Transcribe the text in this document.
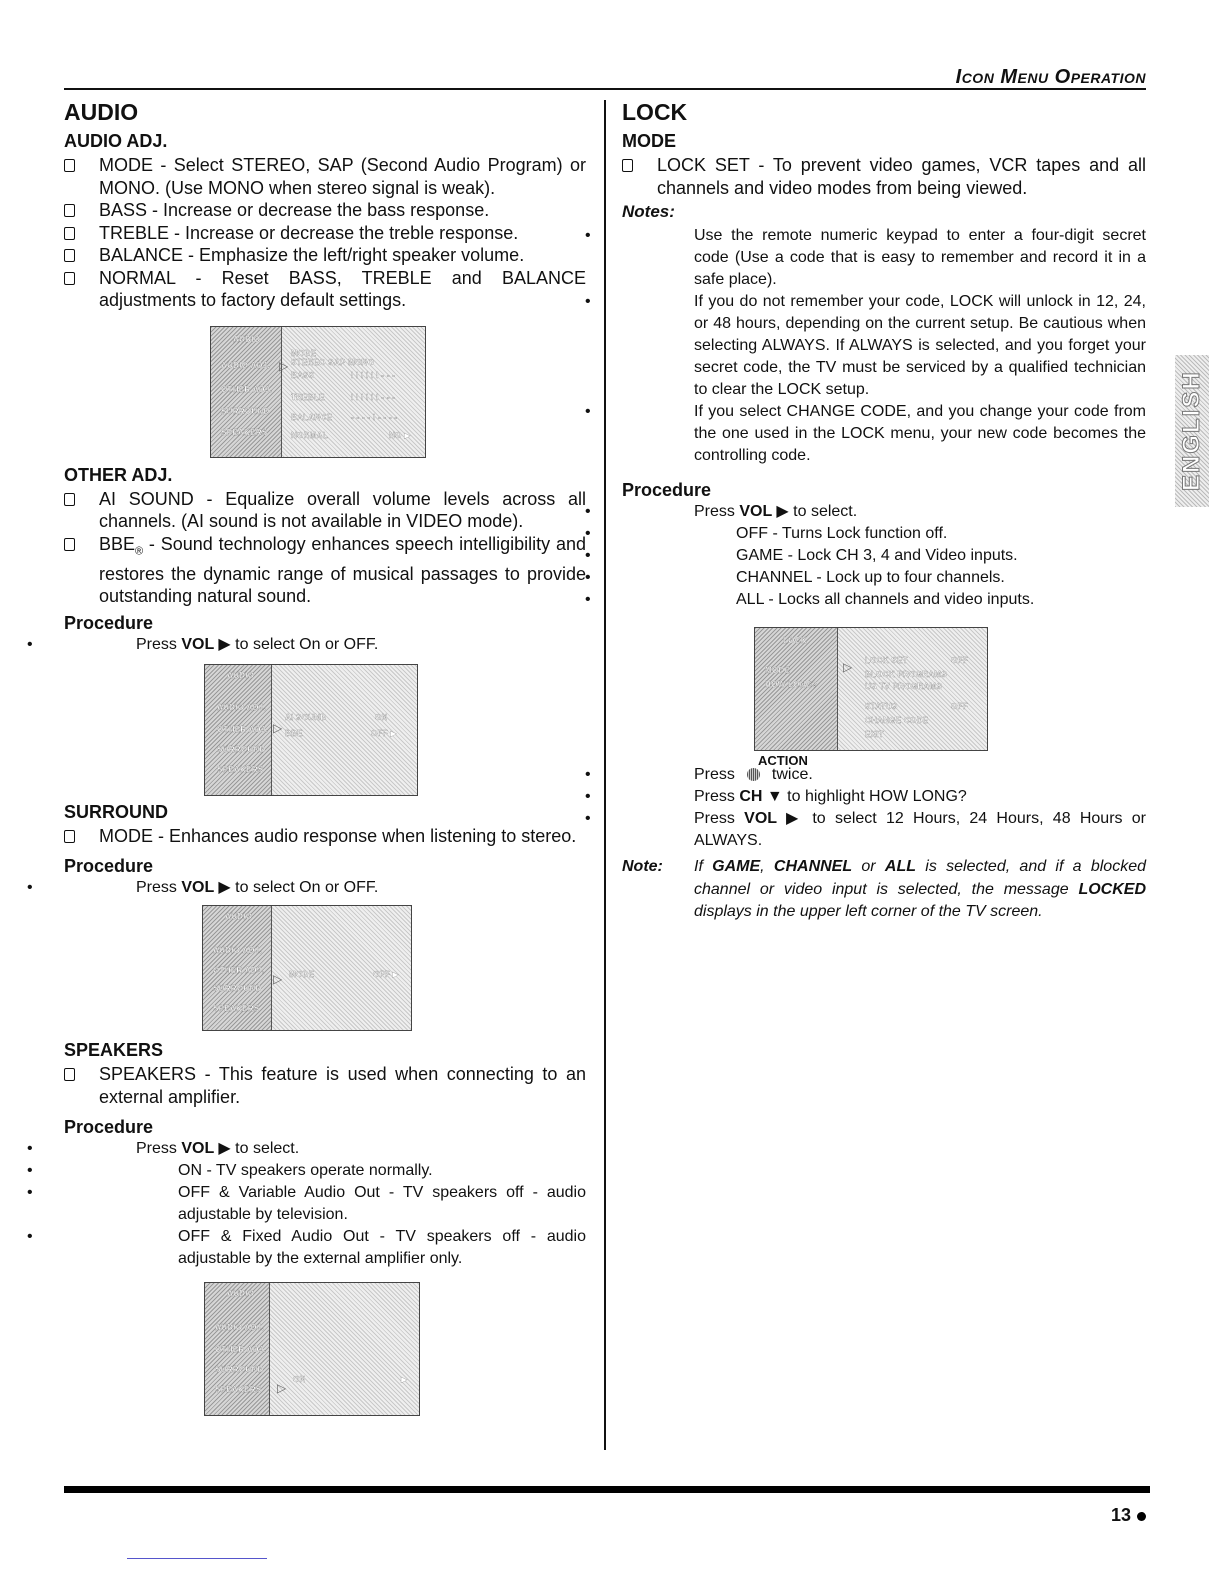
Icon Menu Operation
ENGLISH
AUDIO
AUDIO ADJ.
MODE - Select STEREO, SAP (Second Audio Program) or MONO. (Use MONO when stereo signal is weak).
BASS - Increase or decrease the bass response.
TREBLE - Increase or decrease the treble response.
BALANCE - Emphasize the left/right speaker volume.
NORMAL - Reset BASS, TREBLE and BALANCE adjustments to factory default settings.
AUDIO
AUDIO ADJ.
OTHER ADJ.
SURROUND
SPEAKERS
▷
MODE
STEREO SAP MONO
BASS
TREBLE
BALANCE
NORMAL
I I I I I I - - -
I I I I I I - - -
- - - - I - - - -
NO ▶
OTHER ADJ.
AI SOUND - Equalize overall volume levels across all channels. (AI sound is not available in VIDEO mode).
$BBE_®$ - Sound technology enhances speech intelligibility and restores the dynamic range of musical passages to provide outstanding natural sound.
Procedure
• Press VOL ▶ to select On or OFF.
AUDIO
AUDIO ADJ.
OTHER ADJ.
SURROUND
SPEAKERS
▷
AI SOUND
BBE
ON
OFF ▶
SURROUND
MODE - Enhances audio response when listening to stereo.
Procedure
• Press VOL ▶ to select On or OFF.
AUDIO
AUDIO ADJ.
OTHER ADJ.
SURROUND
SPEAKERS
▷ MODE	OFF ▶
SPEAKERS
SPEAKERS - This feature is used when connecting to an external amplifier.
Procedure
• Press VOL ▶ to select.
• ON - TV speakers operate normally.
• OFF & Variable Audio Out - TV speakers off - audio adjustable by television.
• OFF & Fixed Audio Out - TV speakers off - audio adjustable by the external amplifier only.
AUDIO
AUDIO ADJ.
OTHER ADJ.
SURROUND
SPEAKERS ▷
ON	▶
LOCK
MODE
LOCK SET - To prevent video games, VCR tapes and all channels and video modes from being viewed.
Notes:
• Use the remote numeric keypad to enter a four-digit secret code (Use a code that is easy to remember and record it in a safe place).
• If you do not remember your code, LOCK will unlock in 12, 24, or 48 hours, depending on the current setup. Be cautious when selecting ALWAYS. If ALWAYS is selected, and you forget your secret code, the TV must be serviced by a qualified technician to clear the LOCK setup.
• If you select CHANGE CODE, and you change your code from the one used in the LOCK menu, your new code becomes the controlling code.
Procedure
• Press VOL ▶ to select.
• OFF - Turns Lock function off.
• GAME - Lock CH 3, 4 and Video inputs.
• CHANNEL - Lock up to four channels.
• ALL - Locks all channels and video inputs.
LOCK
MODE
HOW LONG?
▷ LOCK SET
BLOCK PROGRAMS
US TV PROGRAMS
STATUS
CHANGE CODE
EXIT
OFF
OFF
ACTION
• Press twice.
• Press CH ▼ to highlight HOW LONG?
• Press VOL ▶ to select 12 Hours, 24 Hours, 48 Hours or ALWAYS.
Note: If GAME, CHANNEL or ALL is selected, and if a blocked channel or video input is selected, the message LOCKED displays in the upper left corner of the TV screen.
13
